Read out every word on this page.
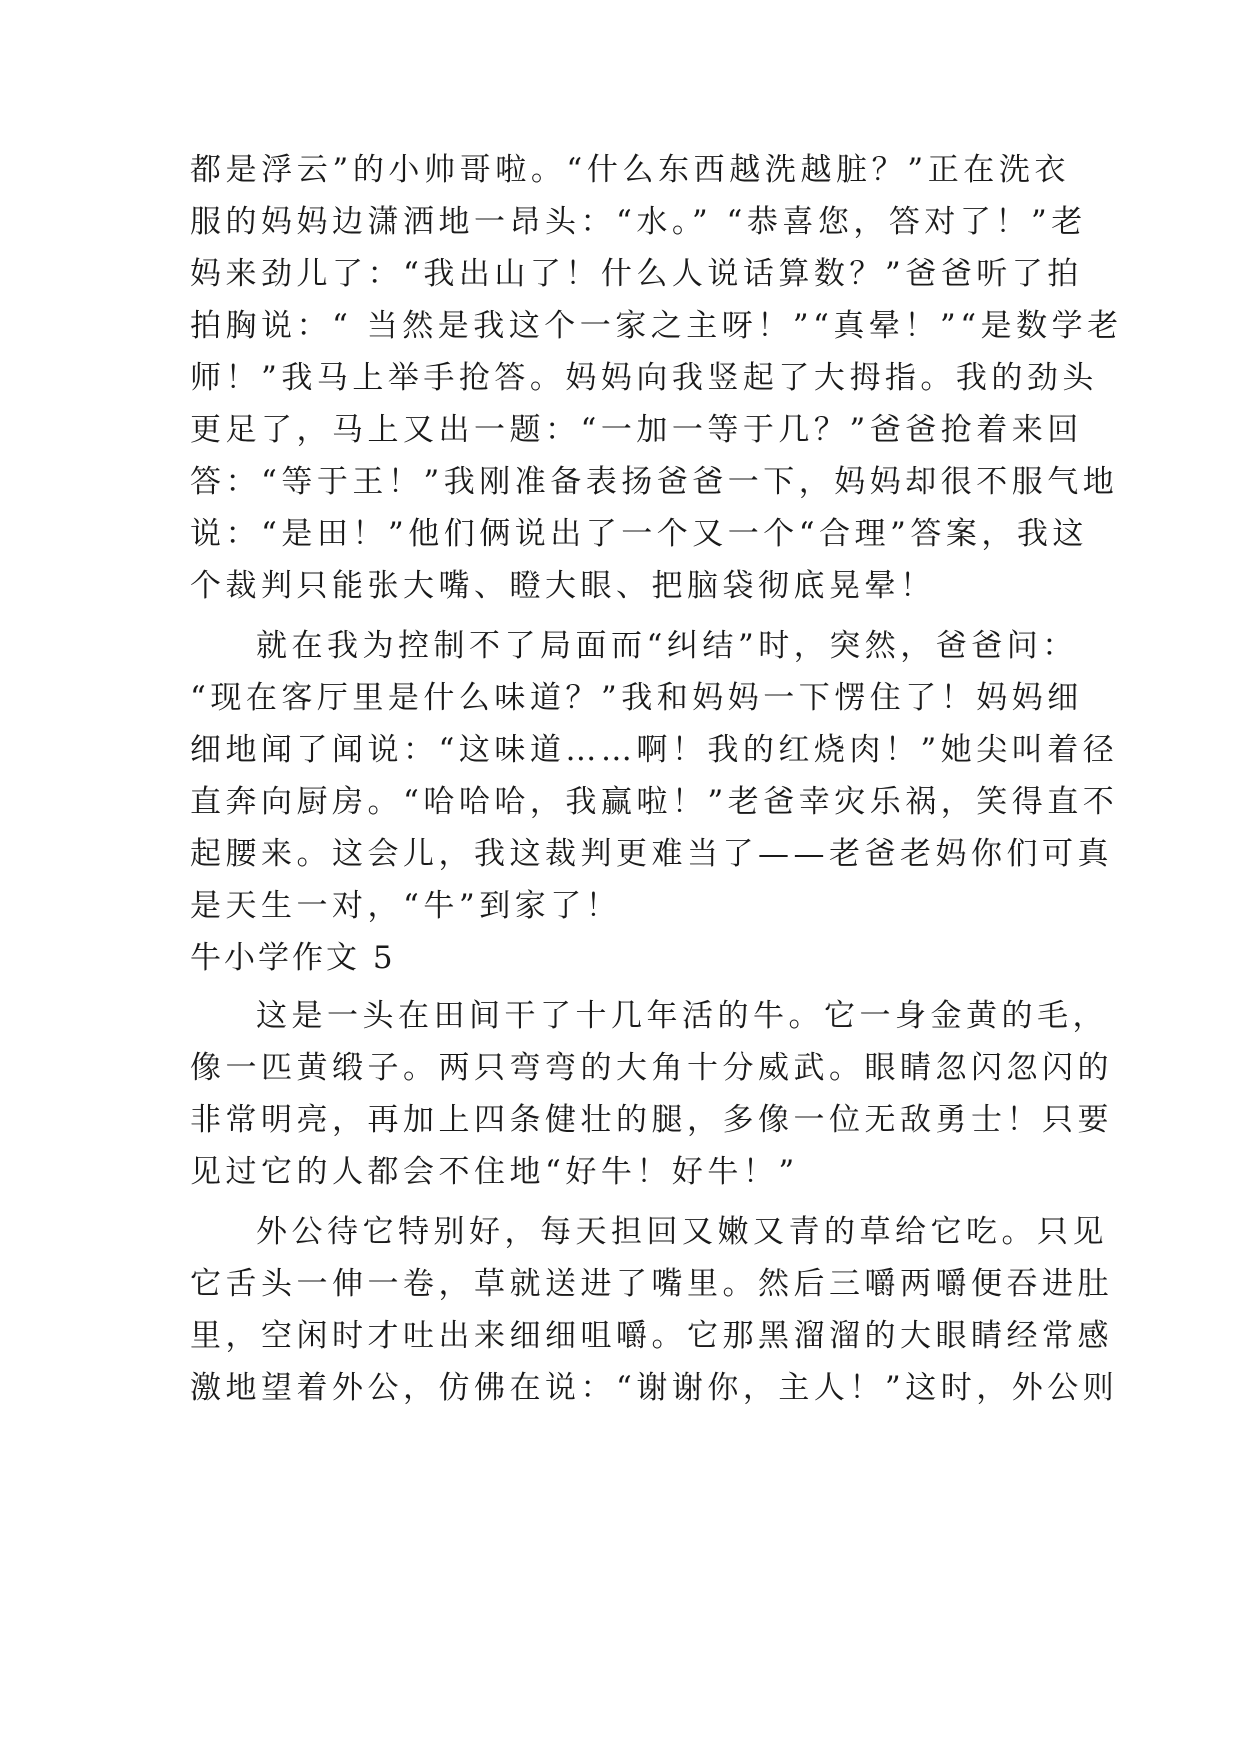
都是浮云”的小帅哥啦。“什么东西越洗越脏？”正在洗衣

服的妈妈边潇洒地一昂头：“水。” “恭喜您，答对了！”老

妈来劲儿了：“我出山了！什么人说话算数？”爸爸听了拍

拍胸说：“ 当然是我这个一家之主呀！”“真晕！”“是数学老

师！”我马上举手抢答。妈妈向我竖起了大拇指。我的劲头

更足了，马上又出一题：“一加一等于几？”爸爸抢着来回

答：“等于王！”我刚准备表扬爸爸一下，妈妈却很不服气地

说：“是田！”他们俩说出了一个又一个“合理”答案，我这

个裁判只能张大嘴、瞪大眼、把脑袋彻底晃晕！

就在我为控制不了局面而“纠结”时，突然，爸爸问：

“现在客厅里是什么味道？”我和妈妈一下愣住了！妈妈细

细地闻了闻说：“这味道……啊！我的红烧肉！”她尖叫着径

直奔向厨房。“哈哈哈，我赢啦！”老爸幸灾乐祸，笑得直不

起腰来。这会儿，我这裁判更难当了——老爸老妈你们可真

是天生一对，“牛”到家了！

牛小学作文 5

这是一头在田间干了十几年活的牛。它一身金黄的毛，

像一匹黄缎子。两只弯弯的大角十分威武。眼睛忽闪忽闪的

非常明亮，再加上四条健壮的腿，多像一位无敌勇士！只要

见过它的人都会不住地“好牛！好牛！”

外公待它特别好，每天担回又嫩又青的草给它吃。只见

它舌头一伸一卷，草就送进了嘴里。然后三嚼两嚼便吞进肚

里，空闲时才吐出来细细咀嚼。它那黑溜溜的大眼睛经常感

激地望着外公，仿佛在说：“谢谢你，主人！”这时，外公则
